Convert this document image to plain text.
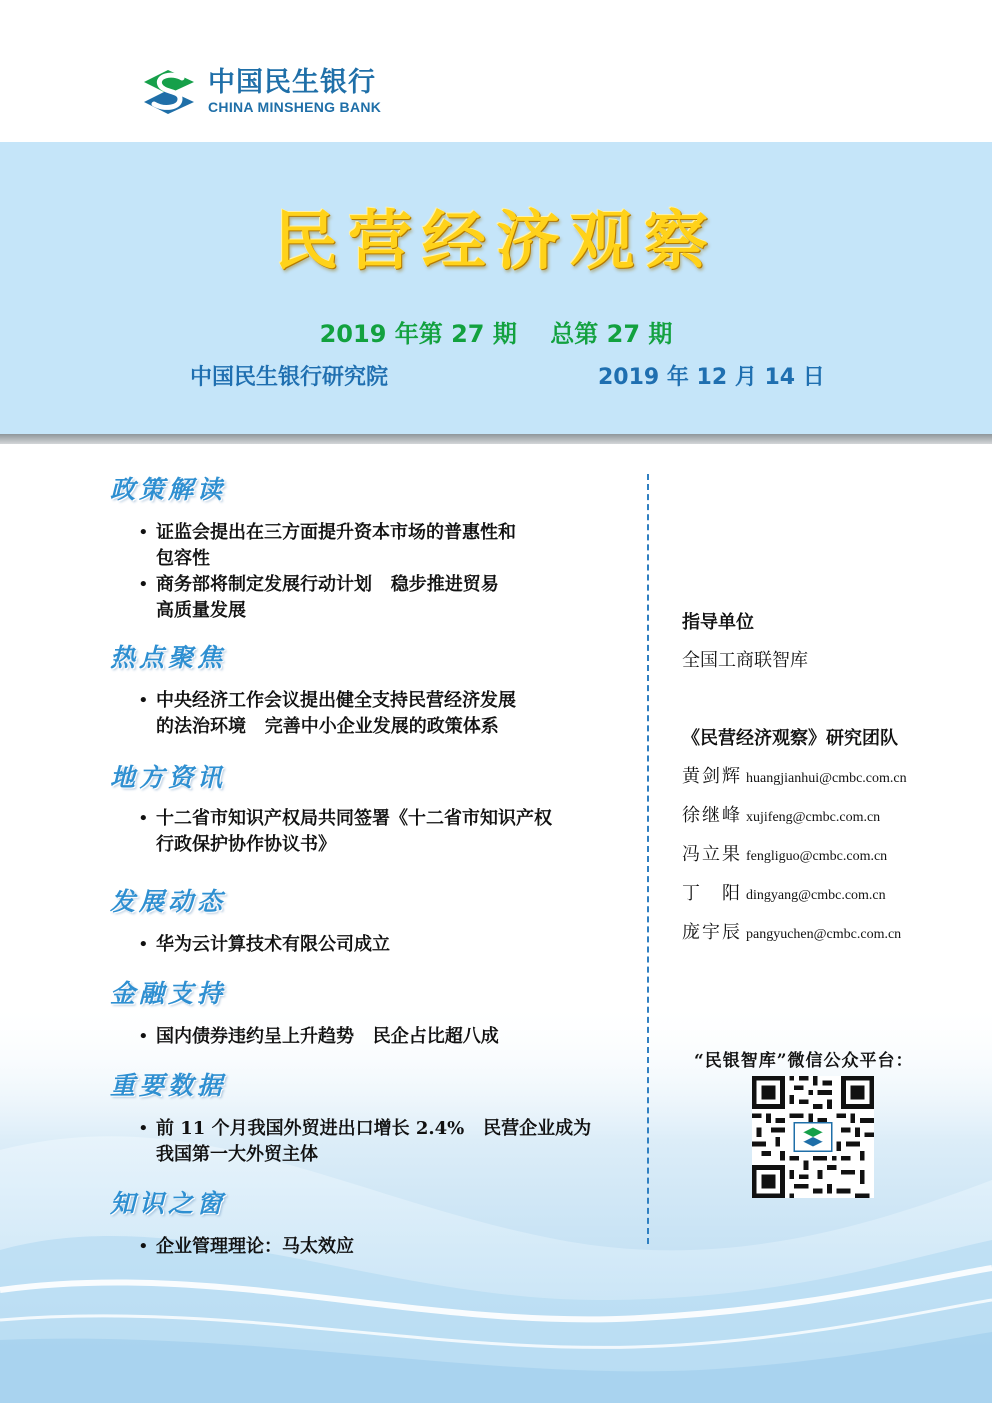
中国民生银行
CHINA MINSHENG BANK
民营经济观察
2019 年第 27 期    总第 27 期
中国民生银行研究院	2019 年 12 月 14 日
政策解读
• 证监会提出在三方面提升资本市场的普惠性和
包容性
• 商务部将制定发展行动计划   稳步推进贸易
高质量发展
热点聚焦
• 中央经济工作会议提出健全支持民营经济发展
的法治环境   完善中小企业发展的政策体系
地方资讯
• 十二省市知识产权局共同签署《十二省市知识产权
行政保护协作协议书》
发展动态
• 华为云计算技术有限公司成立
金融支持
• 国内债券违约呈上升趋势   民企占比超八成
重要数据
• 前 11 个月我国外贸进出口增长 2.4%   民营企业成为
我国第一大外贸主体
知识之窗
• 企业管理理论：马太效应
指导单位
全国工商联智库
《民营经济观察》研究团队
黄剑辉 huangjianhui@cmbc.com.cn
徐继峰 xujifeng@cmbc.com.cn
冯立果 fengliguo@cmbc.com.cn
丁　阳 dingyang@cmbc.com.cn
庞宇辰 pangyuchen@cmbc.com.cn
“民银智库”微信公众平台：
